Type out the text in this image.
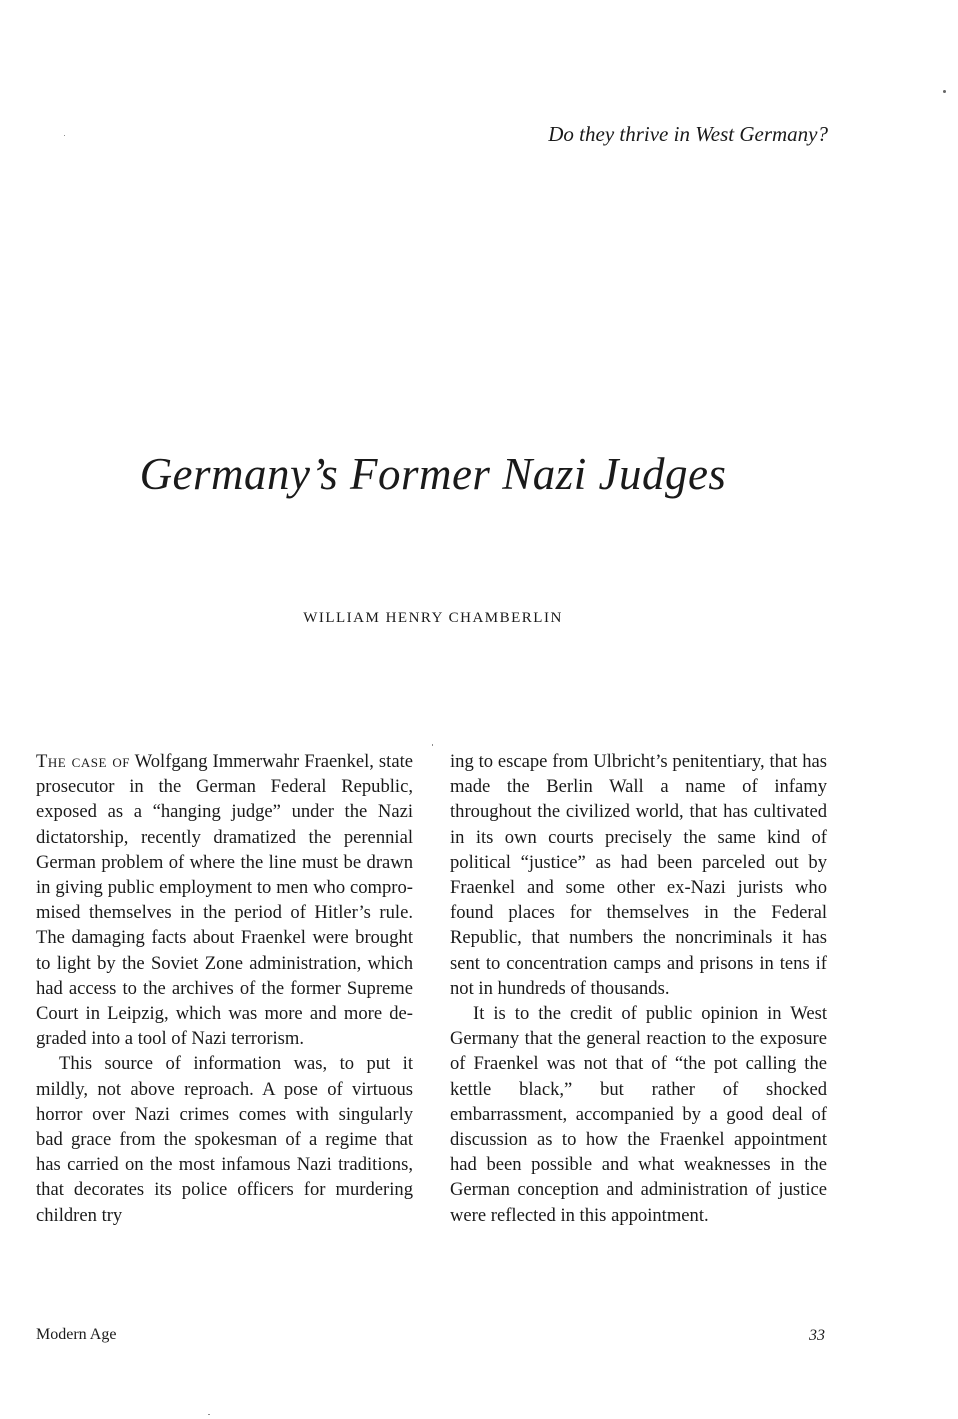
Do they thrive in West Germany?

Germany’s Former Nazi Judges

WILLIAM HENRY CHAMBERLIN

The case of Wolfgang Immerwahr Fraenkel, state prosecutor in the German Federal Republic, exposed as a “hanging judge” under the Nazi dictatorship, recently dramatized the perennial German problem of where the line must be drawn in giving public employment to men who compromised themselves in the period of Hitler’s rule. The damaging facts about Fraenkel were brought to light by the Soviet Zone administration, which had access to the archives of the former Supreme Court in Leipzig, which was more and more degraded into a tool of Nazi terrorism.

This source of information was, to put it mildly, not above reproach. A pose of virtuous horror over Nazi crimes comes with singularly bad grace from the spokesman of a regime that has carried on the most infamous Nazi traditions, that decorates its police officers for murdering children try

ing to escape from Ulbricht’s penitentiary, that has made the Berlin Wall a name of infamy throughout the civilized world, that has cultivated in its own courts precisely the same kind of political “justice” as had been parceled out by Fraenkel and some other ex-Nazi jurists who found places for themselves in the Federal Republic, that numbers the noncriminals it has sent to concentration camps and prisons in tens if not in hundreds of thousands.

It is to the credit of public opinion in West Germany that the general reaction to the exposure of Fraenkel was not that of “the pot calling the kettle black,” but rather of shocked embarrassment, accompanied by a good deal of discussion as to how the Fraenkel appointment had been possible and what weaknesses in the German conception and administration of justice were reflected in this appointment.

Modern Age	33
